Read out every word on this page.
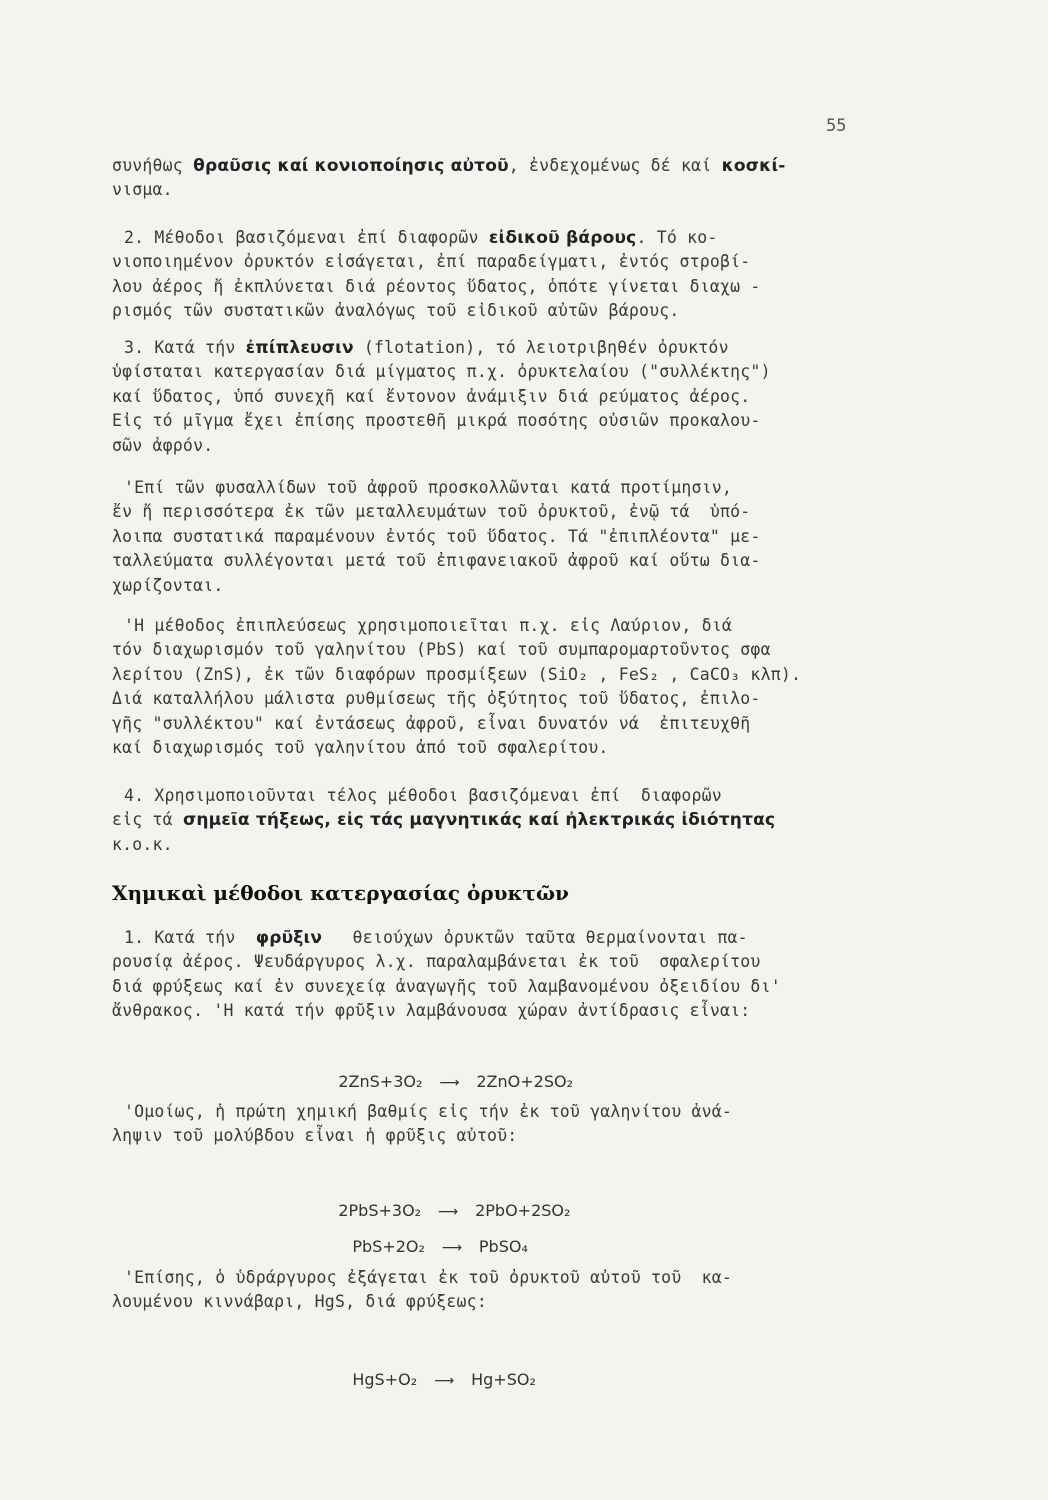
55
συνήθως θραῦσις καί κονιοποίησις αὐτοῦ, ἐνδεχομένως δέ καί κοσκί-
νισμα.
2. Μέθοδοι βασιζόμεναι ἐπί διαφορῶν εἰδικοῦ βάρους. Τό κο-
νιοποιημένον ὀρυκτόν εἰσάγεται, ἐπί παραδείγματι, ἐντός στροβί-
λου ἀέρος ἤ ἐκπλύνεται διά ρέοντος ὕδατος, ὁπότε γίνεται διαχω -
ρισμός τῶν συστατικῶν ἀναλόγως τοῦ εἰδικοῦ αὐτῶν βάρους.
3. Κατά τήν ἐπίπλευσιν (flotation), τό λειοτριβηθέν ὀρυκτόν
ὑφίσταται κατεργασίαν διά μίγματος π.χ. ὀρυκτελαίου ("συλλέκτης")
καί ὕδατος, ὑπό συνεχῆ καί ἔντονον ἀνάμιξιν διά ρεύματος ἀέρος.
Εἰς τό μῖγμα ἔχει ἐπίσης προστεθῆ μικρά ποσότης οὐσιῶν προκαλου-
σῶν ἀφρόν.
'Επί τῶν φυσαλλίδων τοῦ ἀφροῦ προσκολλῶνται κατά προτίμησιν,
ἔν ἤ περισσότερα ἐκ τῶν μεταλλευμάτων τοῦ ὀρυκτοῦ, ἐνῷ τά  ὑπό-
λοιπα συστατικά παραμένουν ἐντός τοῦ ὕδατος. Τά "ἐπιπλέοντα" με-
ταλλεύματα συλλέγονται μετά τοῦ ἐπιφανειακοῦ ἀφροῦ καί οὕτω δια-
χωρίζονται.
'Η μέθοδος ἐπιπλεύσεως χρησιμοποιεῖται π.χ. εἰς Λαύριον, διά
τόν διαχωρισμόν τοῦ γαληνίτου (PbS) καί τοῦ συμπαρομαρτοῦντος σφα
λερίτου (ZnS), ἐκ τῶν διαφόρων προσμίξεων (SiO₂ , FeS₂ , CaCO₃ κλπ).
Διά καταλλήλου μάλιστα ρυθμίσεως τῆς ὀξύτητος τοῦ ὕδατος, ἐπιλο-
γῆς "συλλέκτου" καί ἐντάσεως ἀφροῦ, εἶναι δυνατόν νά  ἐπιτευχθῆ
καί διαχωρισμός τοῦ γαληνίτου ἀπό τοῦ σφαλερίτου.
4. Χρησιμοποιοῦνται τέλος μέθοδοι βασιζόμεναι ἐπί  διαφορῶν
εἰς τά σημεῖα τήξεως, εἰς τάς μαγνητικάς καί ἠλεκτρικάς ἰδιότητας
κ.ο.κ.
Χημικαὶ μέθοδοι κατεργασίας ὀρυκτῶν
1. Κατά τήν  φρῦξιν   θειούχων ὀρυκτῶν ταῦτα θερμαίνονται πα-
ρουσίᾳ ἀέρος. Ψευδάργυρος λ.χ. παραλαμβάνεται ἐκ τοῦ  σφαλερίτου
διά φρύξεως καί ἐν συνεχείᾳ ἀναγωγῆς τοῦ λαμβανομένου ὀξειδίου δι'
ἄνθρακος. 'Η κατά τήν φρῦξιν λαμβάνουσα χώραν ἀντίδρασις εἶναι:

2ZnS+3O₂ ⟶ 2ZnO+2SO₂

'Ομοίως, ἡ πρώτη χημική βαθμίς εἰς τήν ἐκ τοῦ γαληνίτου ἀνά-
ληψιν τοῦ μολύβδου εἶναι ἡ φρῦξις αὐτοῦ:

2PbS+3O₂ ⟶ 2PbO+2SO₂

PbS+2O₂ ⟶ PbSO₄

'Επίσης, ὁ ὑδράργυρος ἐξάγεται ἐκ τοῦ ὀρυκτοῦ αὐτοῦ τοῦ  κα-
λουμένου κιννάβαρι, HgS, διά φρύξεως:

HgS+O₂ ⟶ Hg+SO₂
